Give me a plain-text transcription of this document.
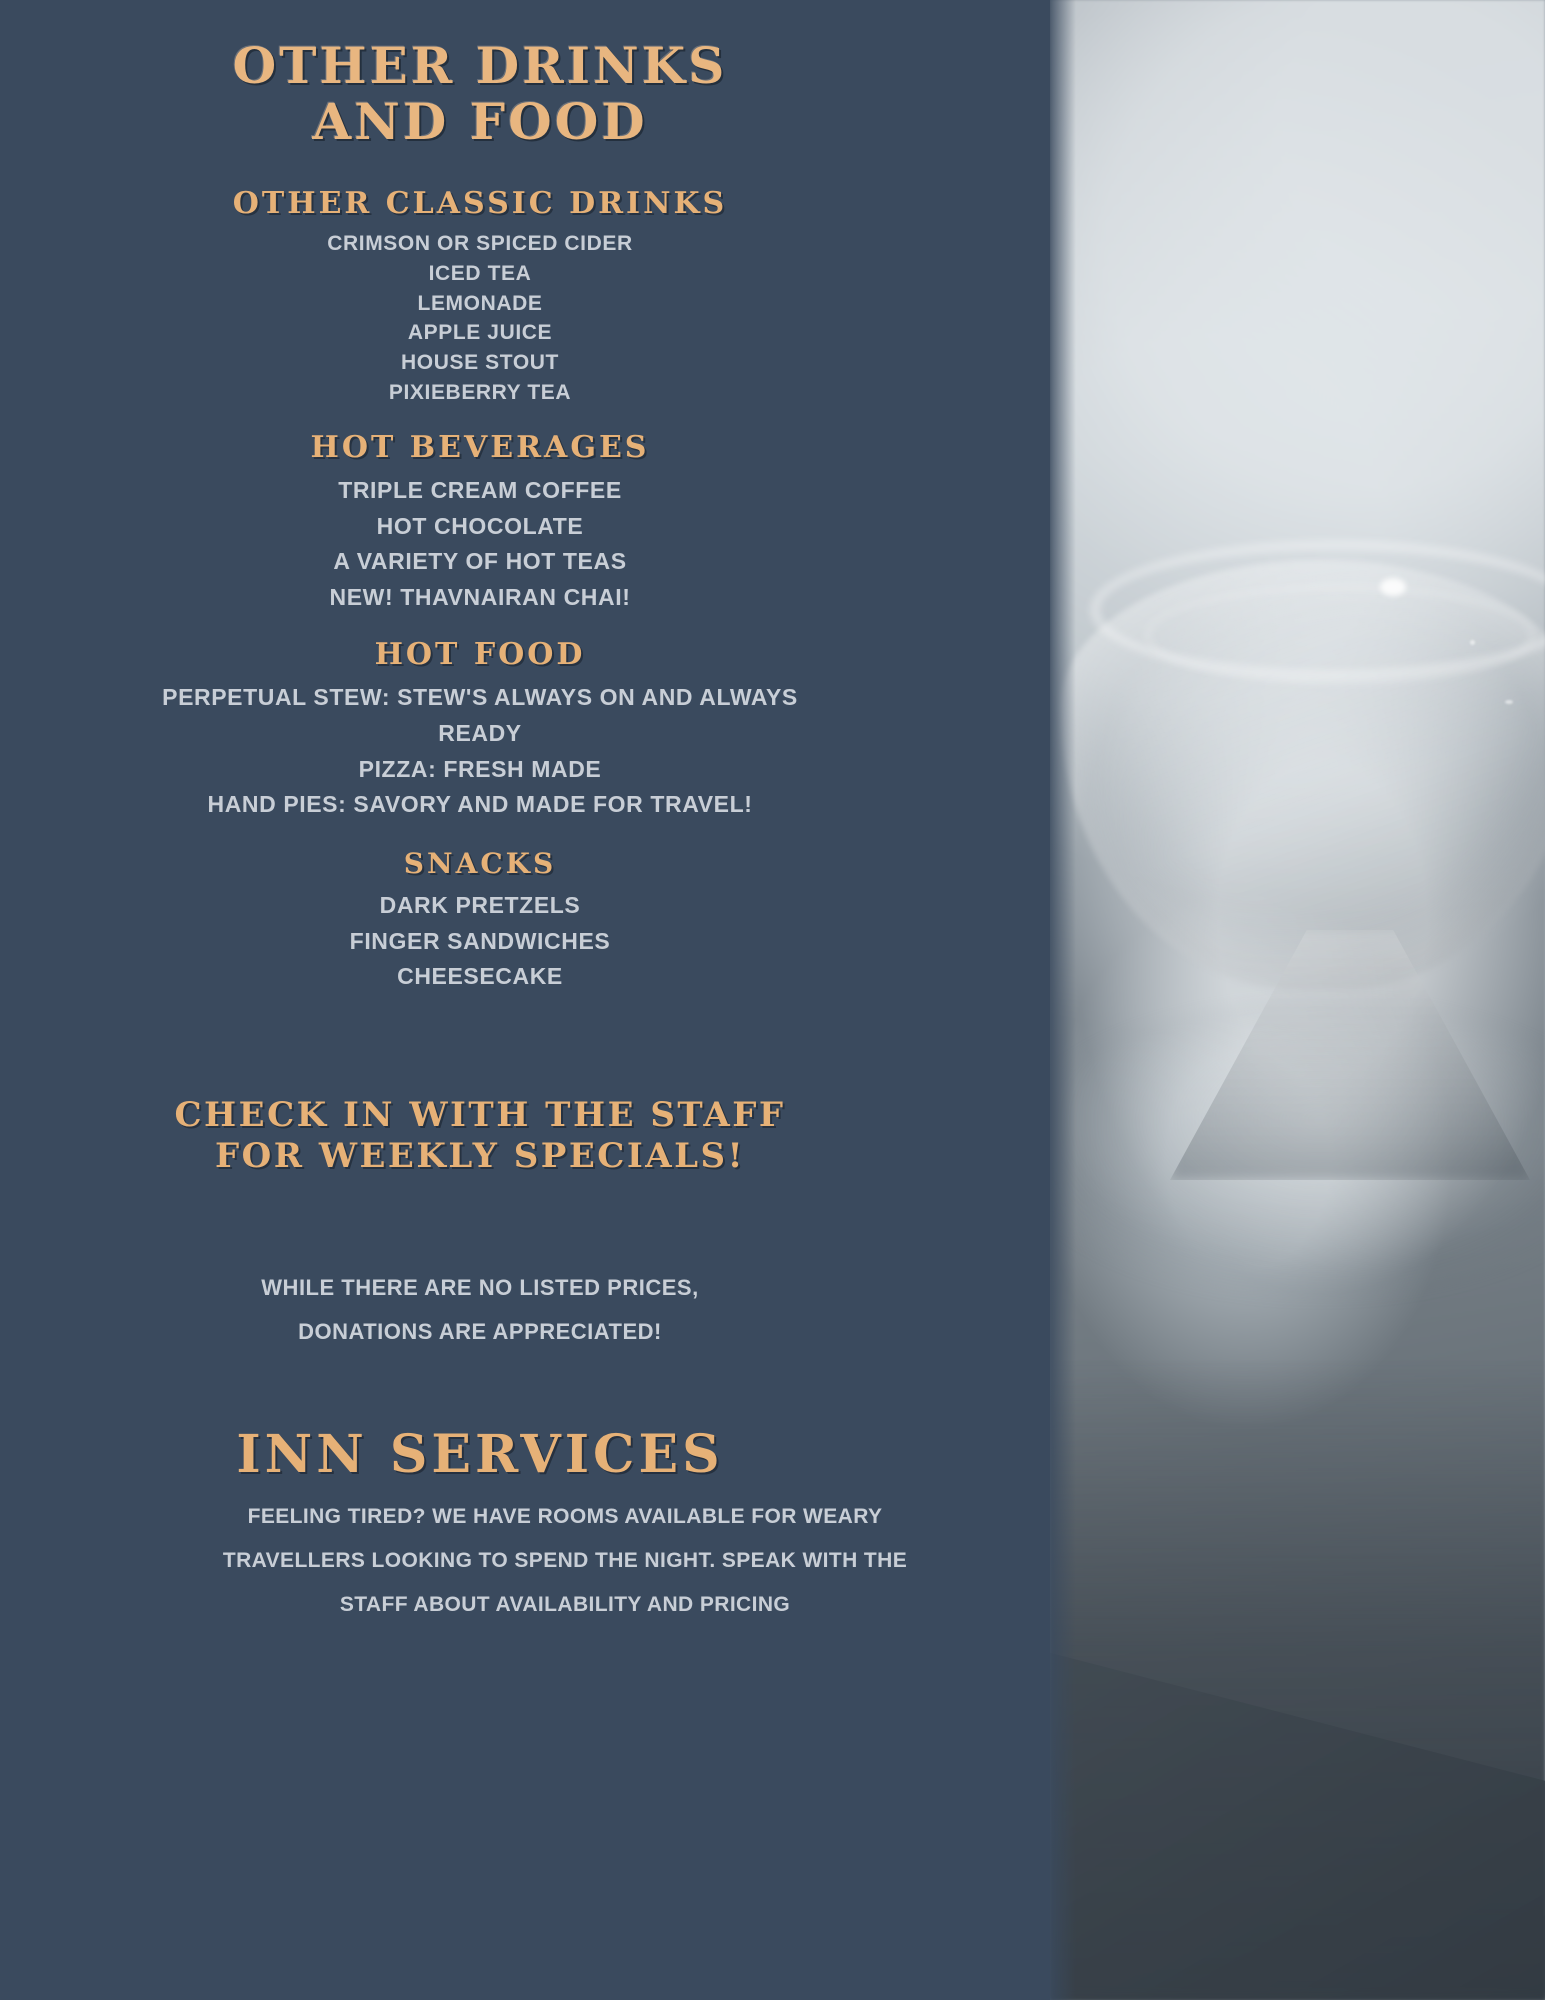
OTHER DRINKS
AND FOOD
OTHER CLASSIC DRINKS
CRIMSON OR SPICED CIDER
ICED TEA
LEMONADE
APPLE JUICE
HOUSE STOUT
PIXIEBERRY TEA
HOT BEVERAGES
TRIPLE CREAM COFFEE
HOT CHOCOLATE
A VARIETY OF HOT TEAS
NEW! THAVNAIRAN CHAI!
HOT FOOD
PERPETUAL STEW: STEW'S ALWAYS ON AND ALWAYS READY
PIZZA: FRESH MADE
HAND PIES: SAVORY AND MADE FOR TRAVEL!
SNACKS
DARK PRETZELS
FINGER SANDWICHES
CHEESECAKE
CHECK IN WITH THE STAFF
FOR WEEKLY SPECIALS!
WHILE THERE ARE NO LISTED PRICES,
DONATIONS ARE APPRECIATED!
INN SERVICES
FEELING TIRED? WE HAVE ROOMS AVAILABLE FOR WEARY
TRAVELLERS LOOKING TO SPEND THE NIGHT. SPEAK WITH THE
STAFF ABOUT AVAILABILITY AND PRICING
